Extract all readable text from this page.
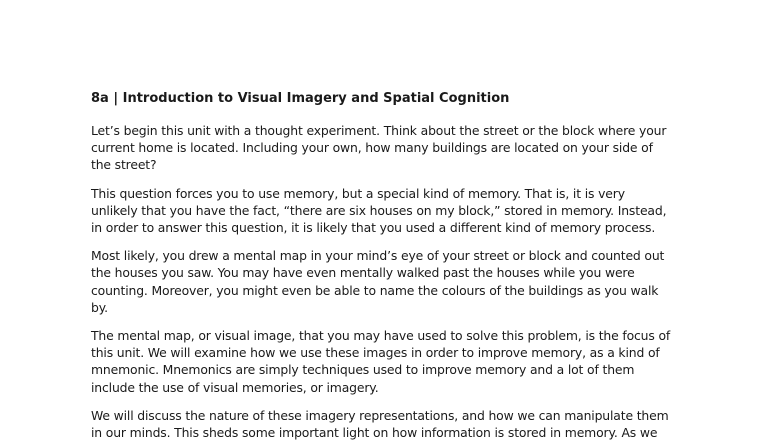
8a | Introduction to Visual Imagery and Spatial Cognition

Let’s begin this unit with a thought experiment. Think about the street or the block where your
current home is located. Including your own, how many buildings are located on your side of
the street?

This question forces you to use memory, but a special kind of memory. That is, it is very
unlikely that you have the fact, “there are six houses on my block,” stored in memory. Instead,
in order to answer this question, it is likely that you used a different kind of memory process.

Most likely, you drew a mental map in your mind’s eye of your street or block and counted out
the houses you saw. You may have even mentally walked past the houses while you were
counting. Moreover, you might even be able to name the colours of the buildings as you walk
by.

The mental map, or visual image, that you may have used to solve this problem, is the focus of
this unit. We will examine how we use these images in order to improve memory, as a kind of
mnemonic. Mnemonics are simply techniques used to improve memory and a lot of them
include the use of visual memories, or imagery.

We will discuss the nature of these imagery representations, and how we can manipulate them
in our minds. This sheds some important light on how information is stored in memory. As we
